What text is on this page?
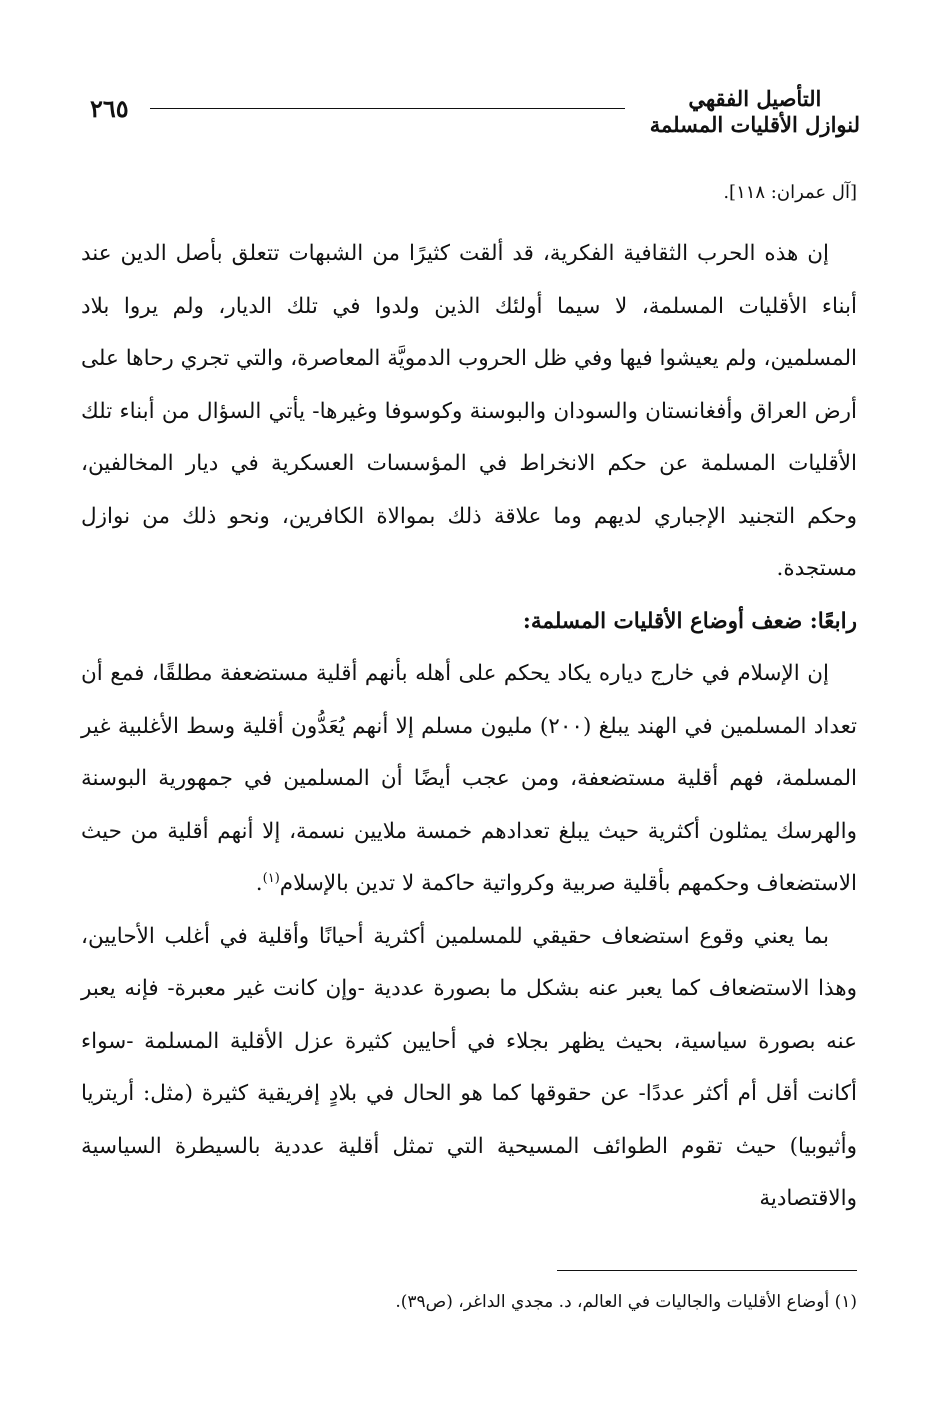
التأصيل الفقهي
لنوازل الأقليات المسلمة
٢٦٥
[آل عمران: ١١٨].

إن هذه الحرب الثقافية الفكرية، قد ألقت كثيرًا من الشبهات تتعلق بأصل الدين عند أبناء الأقليات المسلمة، لا سيما أولئك الذين ولدوا في تلك الديار، ولم يروا بلاد المسلمين، ولم يعيشوا فيها وفي ظل الحروب الدمويَّة المعاصرة، والتي تجري رحاها على أرض العراق وأفغانستان والسودان والبوسنة وكوسوفا وغيرها- يأتي السؤال من أبناء تلك الأقليات المسلمة عن حكم الانخراط في المؤسسات العسكرية في ديار المخالفين، وحكم التجنيد الإجباري لديهم وما علاقة ذلك بموالاة الكافرين، ونحو ذلك من نوازل مستجدة.

رابعًا: ضعف أوضاع الأقليات المسلمة:

إن الإسلام في خارج دياره يكاد يحكم على أهله بأنهم أقلية مستضعفة مطلقًا، فمع أن تعداد المسلمين في الهند يبلغ (٢٠٠) مليون مسلم إلا أنهم يُعَدُّون أقلية وسط الأغلبية غير المسلمة، فهم أقلية مستضعفة، ومن عجب أيضًا أن المسلمين في جمهورية البوسنة والهرسك يمثلون أكثرية حيث يبلغ تعدادهم خمسة ملايين نسمة، إلا أنهم أقلية من حيث الاستضعاف وحكمهم بأقلية صربية وكرواتية حاكمة لا تدين بالإسلام$^{(١)}$.

بما يعني وقوع استضعاف حقيقي للمسلمين أكثرية أحيانًا وأقلية في أغلب الأحايين، وهذا الاستضعاف كما يعبر عنه بشكل ما بصورة عددية -وإن كانت غير معبرة- فإنه يعبر عنه بصورة سياسية، بحيث يظهر بجلاء في أحايين كثيرة عزل الأقلية المسلمة -سواء أكانت أقل أم أكثر عددًا- عن حقوقها كما هو الحال في بلادٍ إفريقية كثيرة (مثل: أريتريا وأثيوبيا) حيث تقوم الطوائف المسيحية التي تمثل أقلية عددية بالسيطرة السياسية والاقتصادية

(١) أوضاع الأقليات والجاليات في العالم، د. مجدي الداغر، (ص٣٩).
